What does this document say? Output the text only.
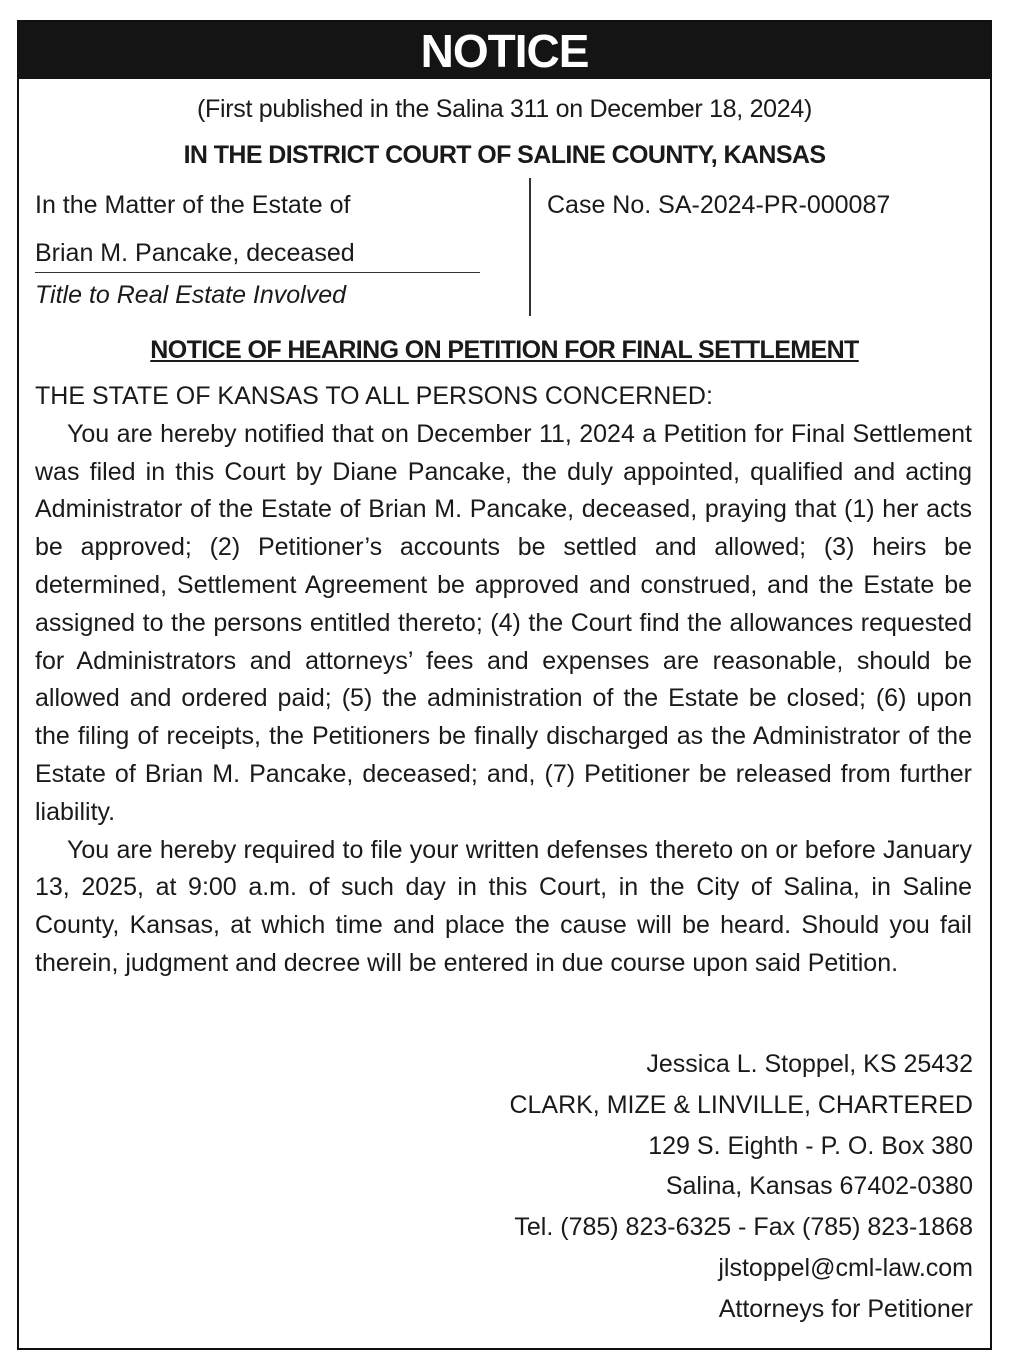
NOTICE
(First published in the Salina 311 on December 18, 2024)
IN THE DISTRICT COURT OF SALINE COUNTY, KANSAS
In the Matter of the Estate of
Brian M. Pancake, deceased
Title to Real Estate Involved
Case No. SA-2024-PR-000087
NOTICE OF HEARING ON PETITION FOR FINAL SETTLEMENT

THE STATE OF KANSAS TO ALL PERSONS CONCERNED:

You are hereby notified that on December 11, 2024 a Petition for Final Settlement was filed in this Court by Diane Pancake, the duly appointed, qualified and acting Administrator of the Estate of Brian M. Pancake, deceased, praying that (1) her acts be approved; (2) Petitioner’s accounts be settled and allowed; (3) heirs be determined, Settlement Agreement be approved and construed, and the Estate be assigned to the persons entitled thereto; (4) the Court find the allowances requested for Administrators and attorneys’ fees and expenses are reasonable, should be allowed and ordered paid; (5) the administration of the Estate be closed; (6) upon the filing of receipts, the Petitioners be finally discharged as the Administrator of the Estate of Brian M. Pancake, deceased; and, (7) Petitioner be released from further liability.

You are hereby required to file your written defenses thereto on or before January 13, 2025, at 9:00 a.m. of such day in this Court, in the City of Salina, in Saline County, Kansas, at which time and place the cause will be heard. Should you fail therein, judgment and decree will be entered in due course upon said Petition.

Jessica L. Stoppel, KS 25432
CLARK, MIZE & LINVILLE, CHARTERED
129 S. Eighth - P. O. Box 380
Salina, Kansas 67402-0380
Tel. (785) 823-6325 - Fax (785) 823-1868
jlstoppel@cml-law.com
Attorneys for Petitioner
